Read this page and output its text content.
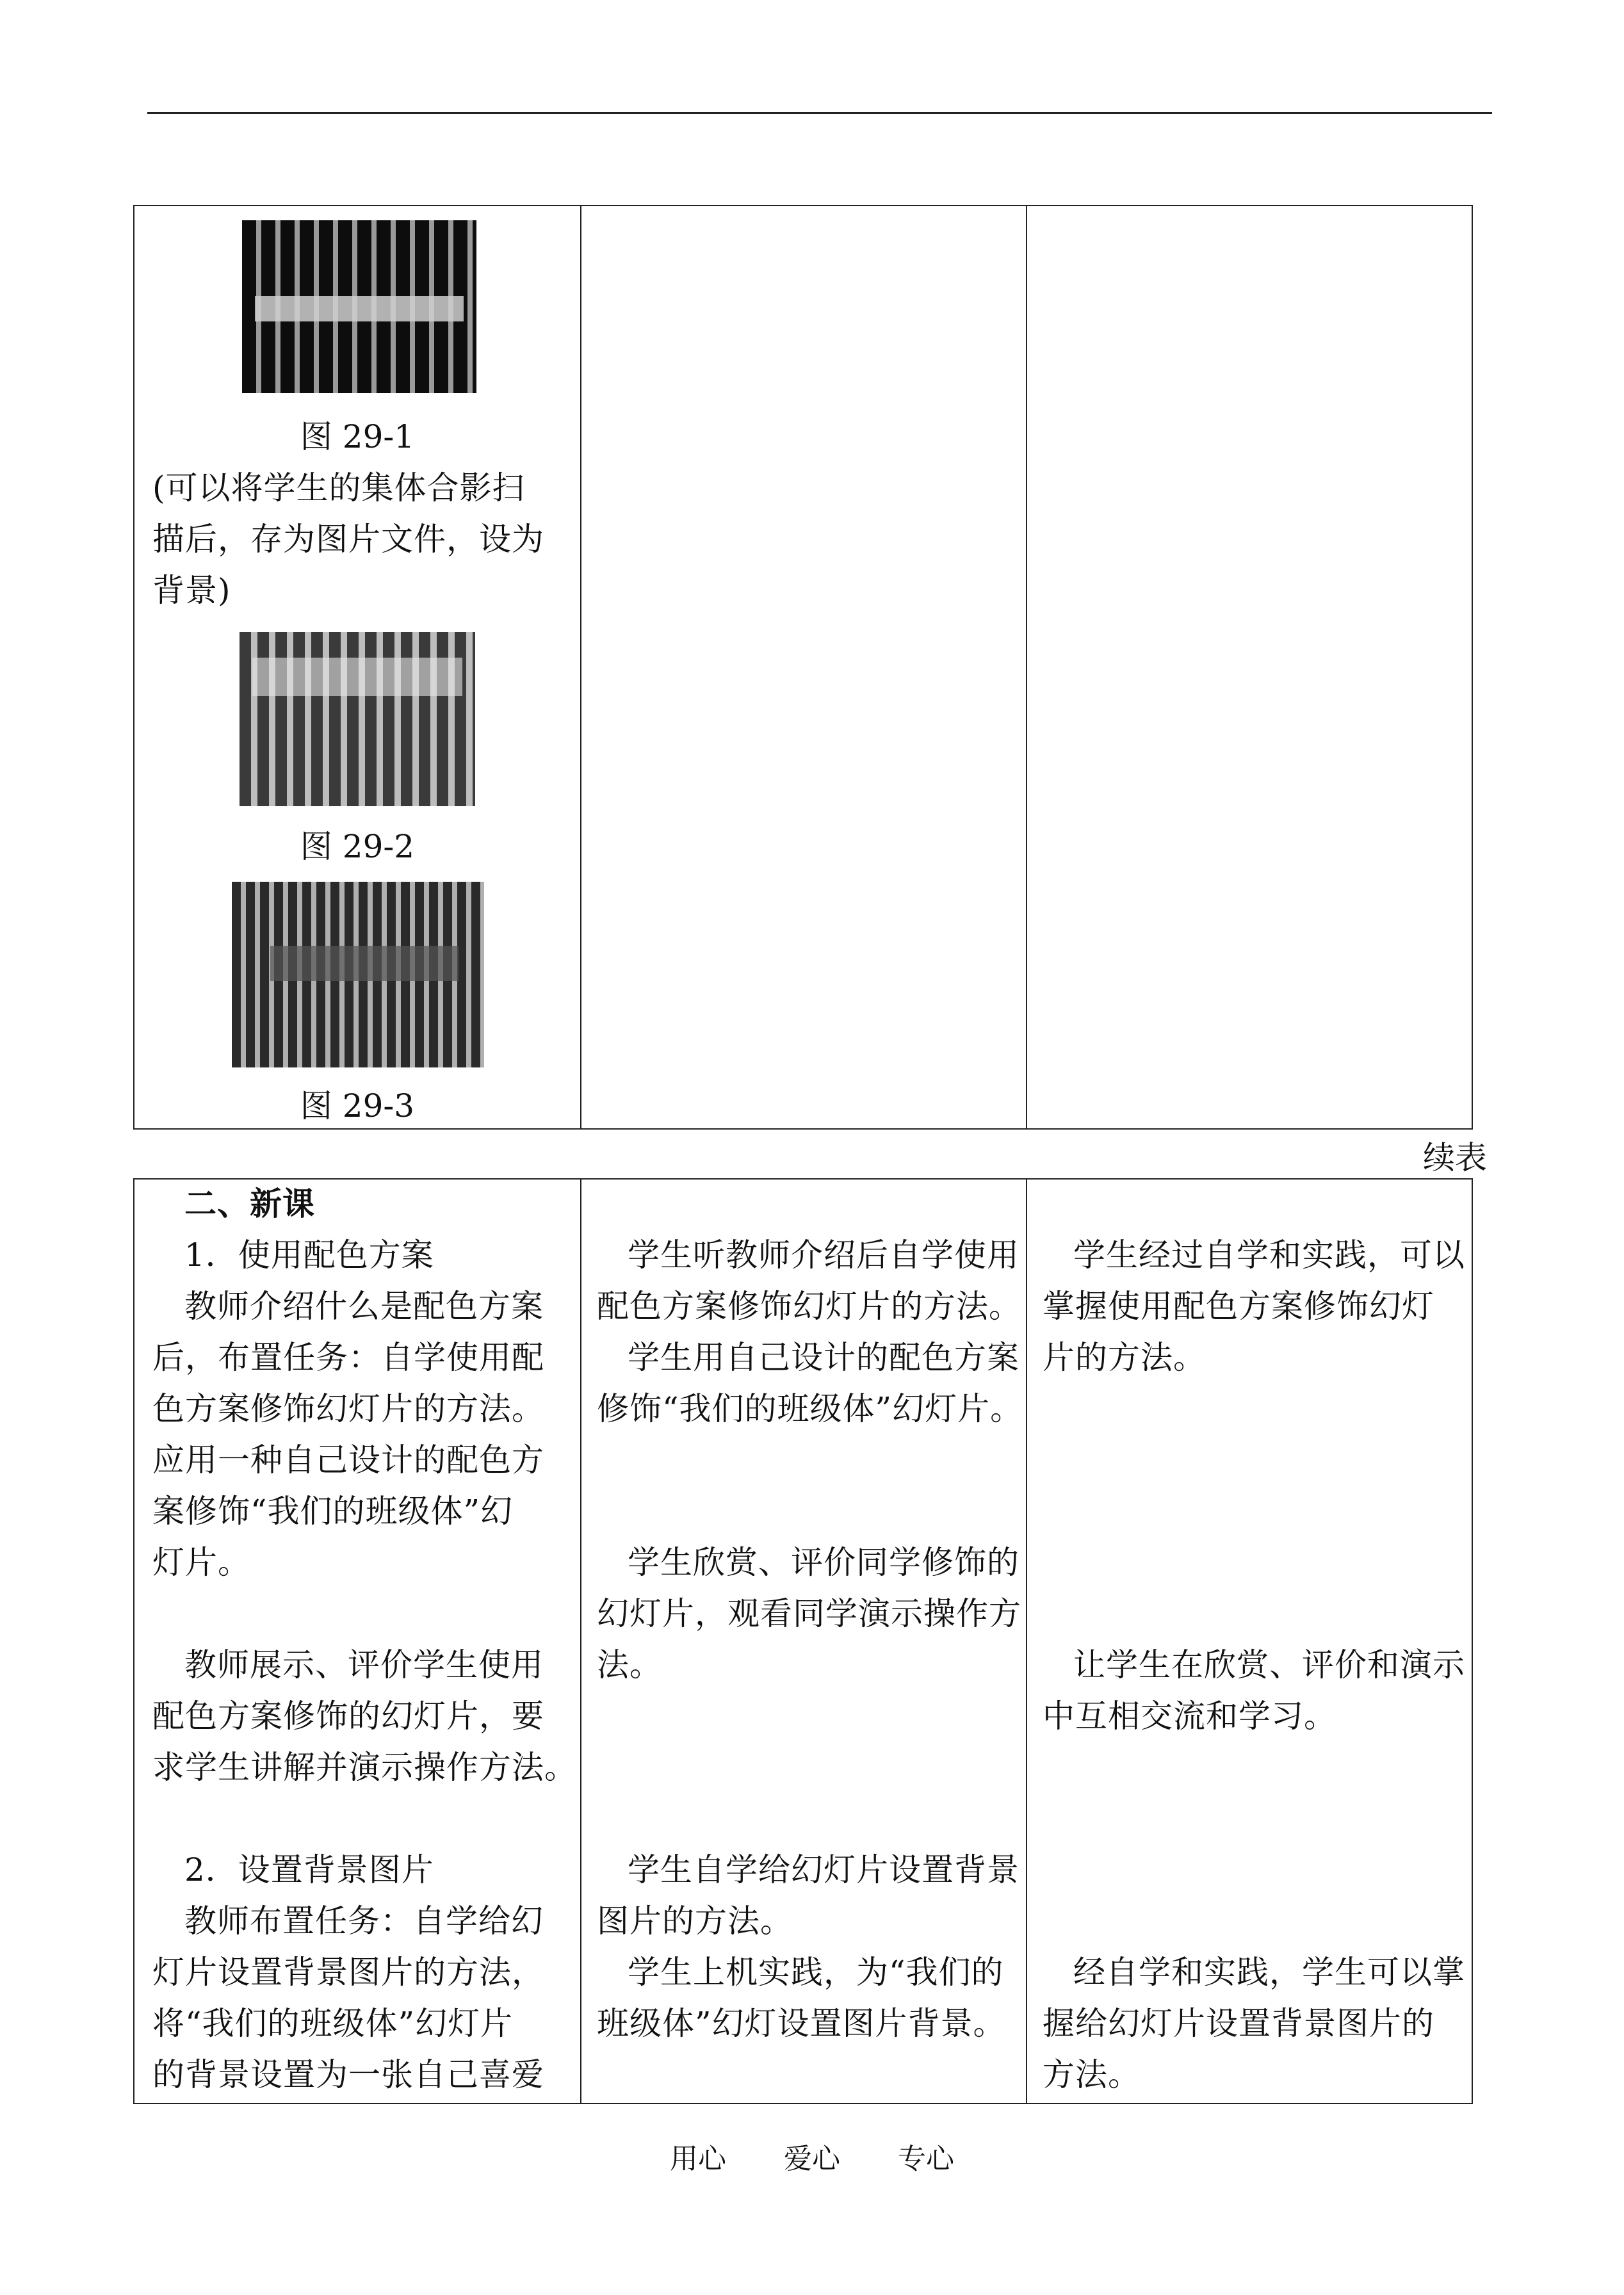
图 29-1
(可以将学生的集体合影扫
描后，存为图片文件，设为
背景)
图 29-2
图 29-3
续表
二、新课
1．使用配色方案
教师介绍什么是配色方案
后，布置任务：自学使用配
色方案修饰幻灯片的方法。
应用一种自己设计的配色方
案修饰“我们的班级体”幻
灯片。
教师展示、评价学生使用
配色方案修饰的幻灯片，要
求学生讲解并演示操作方法。
2．设置背景图片
教师布置任务：自学给幻
灯片设置背景图片的方法，
将“我们的班级体”幻灯片
的背景设置为一张自己喜爱
学生听教师介绍后自学使用
配色方案修饰幻灯片的方法。
学生用自己设计的配色方案
修饰“我们的班级体”幻灯片。
学生欣赏、评价同学修饰的
幻灯片，观看同学演示操作方
法。
学生自学给幻灯片设置背景
图片的方法。
学生上机实践，为“我们的
班级体”幻灯设置图片背景。
学生经过自学和实践，可以
掌握使用配色方案修饰幻灯
片的方法。
让学生在欣赏、评价和演示
中互相交流和学习。
经自学和实践，学生可以掌
握给幻灯片设置背景图片的
方法。
用心 爱心 专心
